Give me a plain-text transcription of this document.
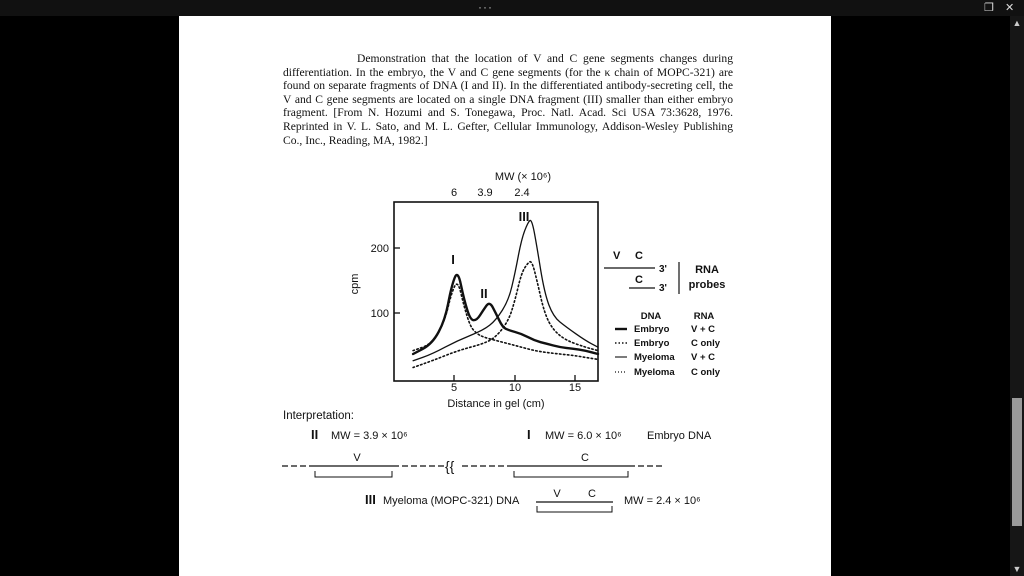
···	❐ ✕
▲
▼
Demonstration that the location of V and C gene segments changes during differentiation. In the embryo, the V and C gene segments (for the κ chain of MOPC-321) are found on separate fragments of DNA (I and II). In the differentiated antibody-secreting cell, the V and C gene segments are located on a single DNA fragment (III) smaller than either embryo fragment. [From N. Hozumi and S. Tonegawa, Proc. Natl. Acad. Sci USA 73:3628, 1976. Reprinted in V. L. Sato, and M. L. Gefter, Cellular Immunology, Addison-Wesley Publishing Co., Inc., Reading, MA, 1982.]
MW (× 10⁶)
6 3.9 2.4
200
100
cpm
5	10	15
Distance in gel (cm)
I
II
III
V C
3'
C
3'
RNA
probes
DNA	RNA
Embryo V + C
Embryo C only
Myeloma V + C
Myeloma C only
Interpretation:
II MW = 3.9 × 10⁶	I MW = 6.0 × 10⁶ Embryo DNA
{{
V	C
III Myeloma (MOPC-321) DNA
V C
MW = 2.4 × 10⁶
